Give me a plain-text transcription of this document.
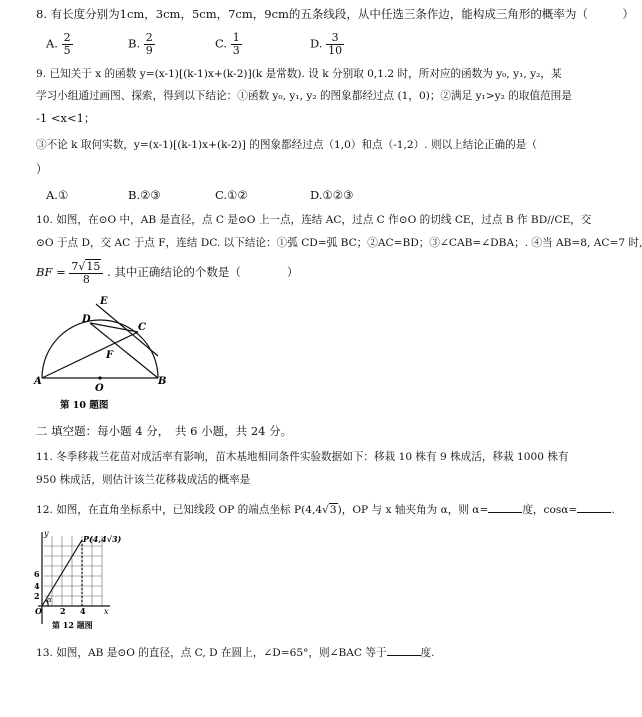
8. 有长度分别为1cm，3cm，5cm，7cm，9cm的五条线段，从中任选三条作边，能构成三角形的概率为（　　　）
A. $\frac{2}{5}$	B. $\frac{2}{9}$	C. $\frac{1}{3}$	D. $\frac{3}{10}$
9. 已知关于 x 的函数 y=(x-1)[(k-1)x+(k-2)](k 是常数). 设 k 分别取 0,1.2 时，所对应的函数为 y₀, y₁, y₂，某
学习小组通过画图、探索，得到以下结论：①函数 y₀, y₁, y₂ 的图象都经过点 (1，0)；②满足 y₁>y₂ 的取值范围是
-1 <x<1；
③不论 k 取何实数，y=(x-1)[(k-1)x+(k-2)] 的图象都经过点（1,0）和点（-1,2）. 则以上结论正确的是（
）
A.①	B.②③	C.①②	D.①②③
10. 如图，在⊙O 中，AB 是直径，点 C 是⊙O 上一点，连结 AC，过点 C 作⊙O 的切线 CE，过点 B 作 BD//CE，交
⊙O 于点 D，交 AC 于点 F，连结 DC. 以下结论：①弧 CD=弧 BC；②AC=BD；③∠CAB=∠DBA；. ④当 AB=8, AC=7 时,
BF = $\frac{7√15}{8}$ . 其中正确结论的个数是（　　　　）
A	B
C
D
E
F
O
第 10 题图
二 填空题：每小题 4 分，　共 6 小题，共 24 分。
11. 冬季移栽兰花苗对成活率有影响，苗木基地相同条件实验数据如下：移栽 10 株有 9 株成活，移栽 1000 株有
950 株成活，则估计该兰花移栽成活的概率是
12. 如图，在直角坐标系中，已知线段 OP 的端点坐标 P(4,4√3)，OP 与 x 轴夹角为 α，则 α=	度，cosα=	.
y
x
P(4,4√3)
6
4
2
2 4
O
α
第 12 题图
13. 如图，AB 是⊙O 的直径，点 C, D 在圆上，∠D=65°，则∠BAC 等于	度.
